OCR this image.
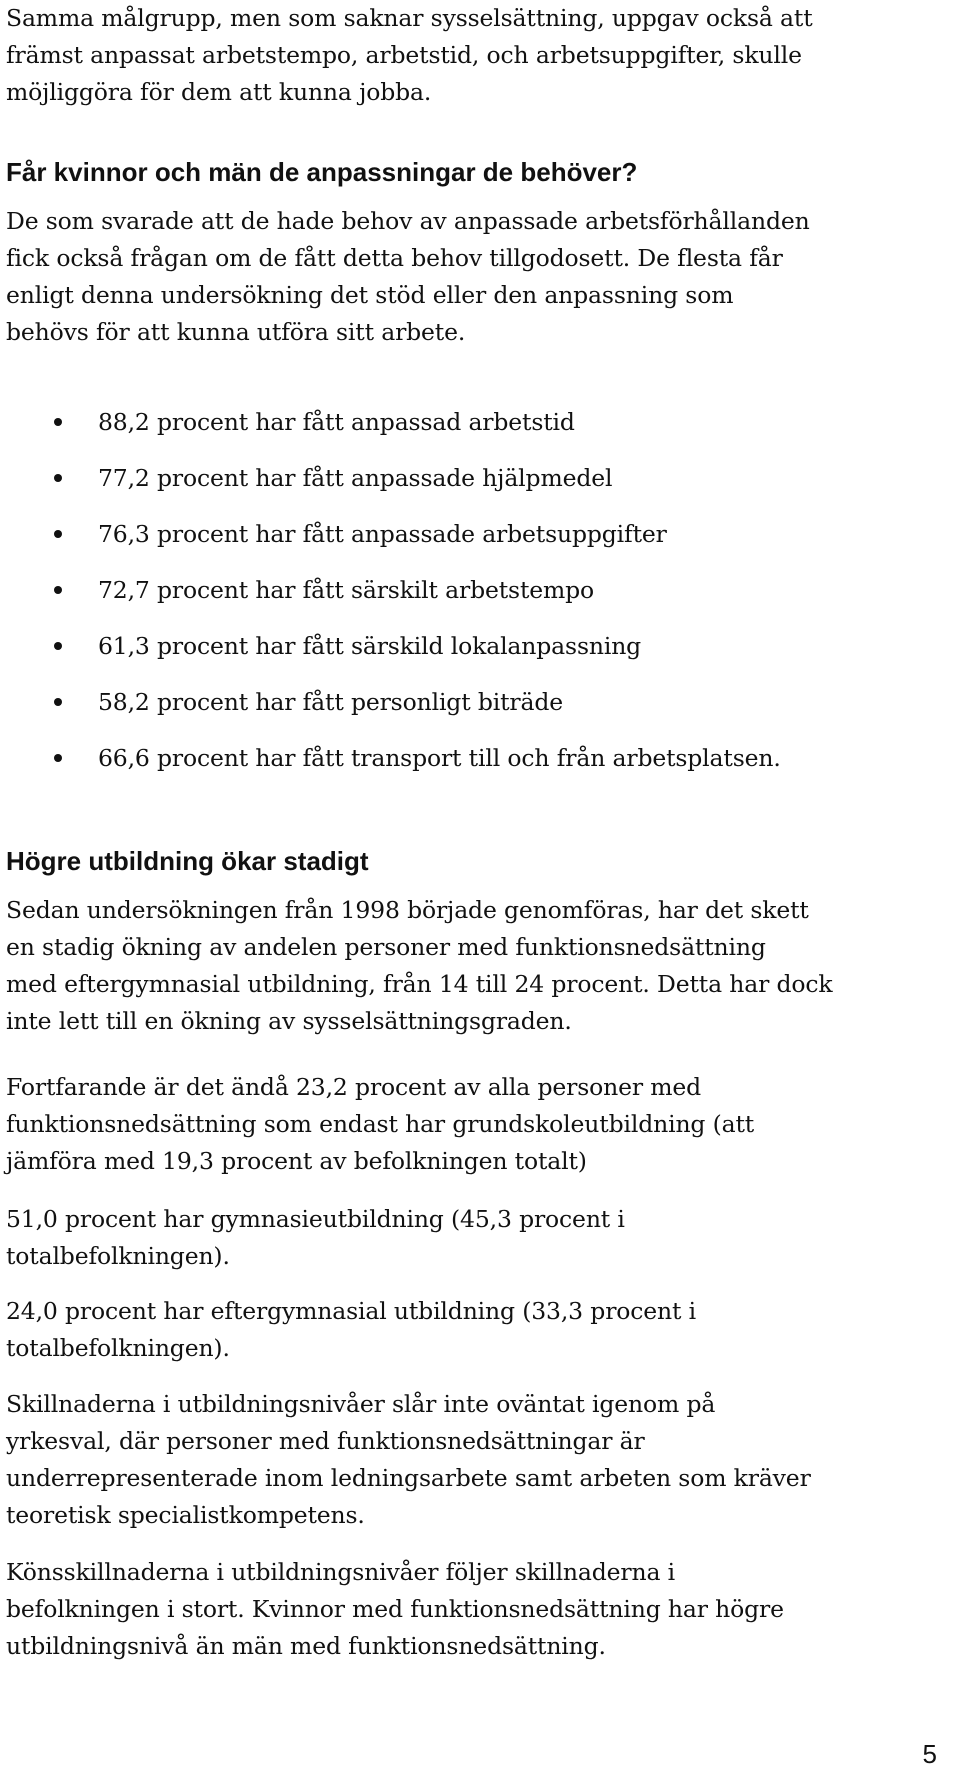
Samma målgrupp, men som saknar sysselsättning, uppgav också att
främst anpassat arbetstempo, arbetstid, och arbetsuppgifter, skulle
möjliggöra för dem att kunna jobba.

Får kvinnor och män de anpassningar de behöver?

De som svarade att de hade behov av anpassade arbetsförhållanden
fick också frågan om de fått detta behov tillgodosett. De flesta får
enligt denna undersökning det stöd eller den anpassning som
behövs för att kunna utföra sitt arbete.

88,2 procent har fått anpassad arbetstid
77,2 procent har fått anpassade hjälpmedel
76,3 procent har fått anpassade arbetsuppgifter
72,7 procent har fått särskilt arbetstempo
61,3 procent har fått särskild lokalanpassning
58,2 procent har fått personligt biträde
66,6 procent har fått transport till och från arbetsplatsen.
Högre utbildning ökar stadigt

Sedan undersökningen från 1998 började genomföras, har det skett
en stadig ökning av andelen personer med funktionsnedsättning
med eftergymnasial utbildning, från 14 till 24 procent. Detta har dock
inte lett till en ökning av sysselsättningsgraden.

Fortfarande är det ändå 23,2 procent av alla personer med
funktionsnedsättning som endast har grundskoleutbildning (att
jämföra med 19,3 procent av befolkningen totalt)

51,0 procent har gymnasieutbildning (45,3 procent i
totalbefolkningen).

24,0 procent har eftergymnasial utbildning (33,3 procent i
totalbefolkningen).

Skillnaderna i utbildningsnivåer slår inte oväntat igenom på
yrkesval, där personer med funktionsnedsättningar är
underrepresenterade inom ledningsarbete samt arbeten som kräver
teoretisk specialistkompetens.

Könsskillnaderna i utbildningsnivåer följer skillnaderna i
befolkningen i stort. Kvinnor med funktionsnedsättning har högre
utbildningsnivå än män med funktionsnedsättning.

5
